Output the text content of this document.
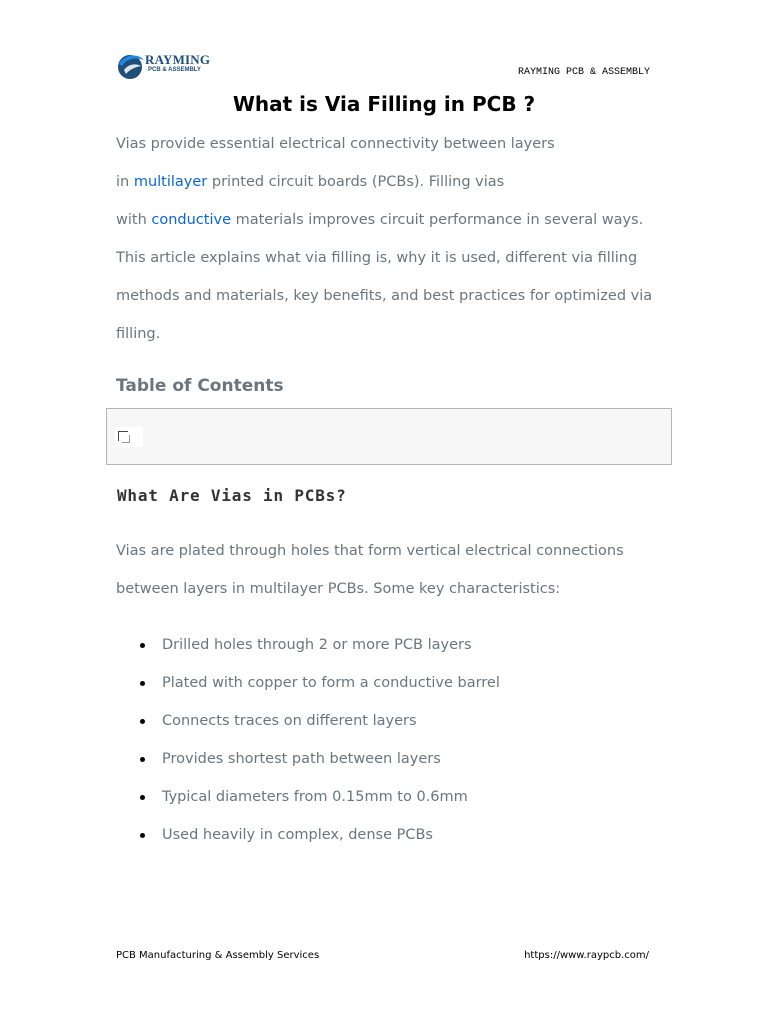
RAYMING
PCB & ASSEMBLY	RAYMING PCB & ASSEMBLY
What is Via Filling in PCB ?
Vias provide essential electrical connectivity between layers
in multilayer printed circuit boards (PCBs). Filling vias
with conductive materials improves circuit performance in several ways.
This article explains what via filling is, why it is used, different via filling
methods and materials, key benefits, and best practices for optimized via
filling.
Table of Contents
What Are Vias in PCBs?
Vias are plated through holes that form vertical electrical connections
between layers in multilayer PCBs. Some key characteristics:
Drilled holes through 2 or more PCB layers
Plated with copper to form a conductive barrel
Connects traces on different layers
Provides shortest path between layers
Typical diameters from 0.15mm to 0.6mm
Used heavily in complex, dense PCBs
PCB Manufacturing & Assembly Services	https://www.raypcb.com/
